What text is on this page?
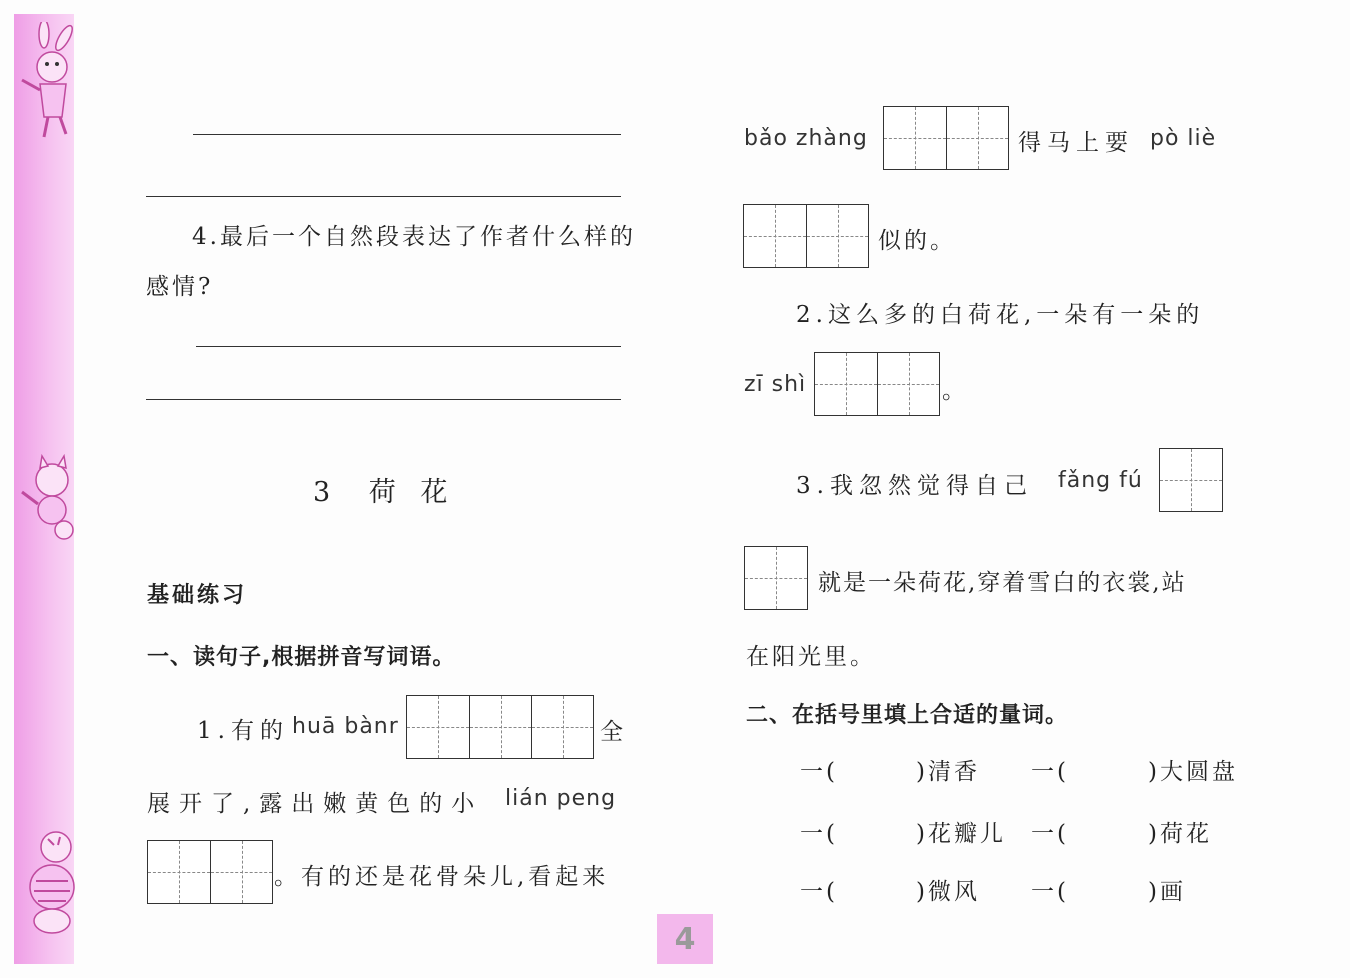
4.最后一个自然段表达了作者什么样的
感情?
3 荷 花
基础练习
一、读句子,根据拼音写词语。
1.有的 huā bànr	全
展开了,露出嫩黄色的小 lián peng
。有的还是花骨朵儿,看起来
bǎo zhàng	得马上要 pò liè
似的。
2.这么多的白荷花,一朵有一朵的
zī shì	。
3.我忽然觉得自己 fǎng fú
就是一朵荷花,穿着雪白的衣裳,站
在阳光里。
二、在括号里填上合适的量词。
一(	)清香 一(	)大圆盘
一(	)花瓣儿 一(	)荷花
一(	)微风 一(	)画
4
